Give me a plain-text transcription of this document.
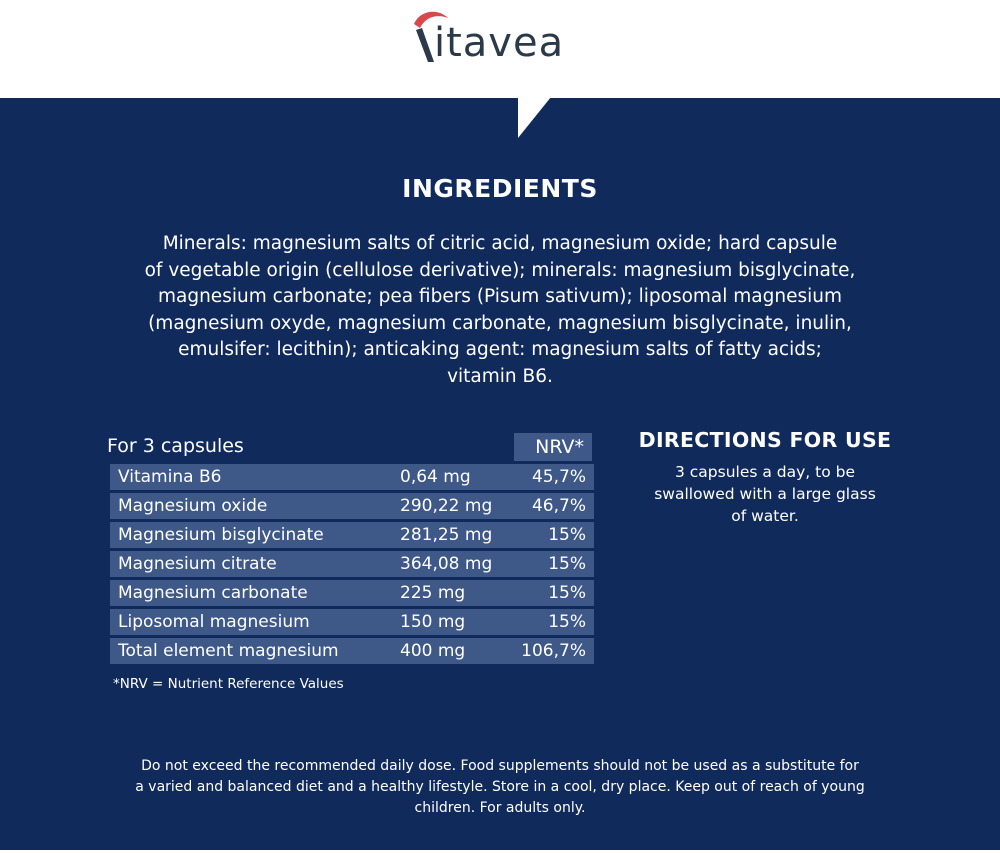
itavea
INGREDIENTS
Minerals: magnesium salts of citric acid, magnesium oxide; hard capsule
of vegetable origin (cellulose derivative); minerals: magnesium bisglycinate,
magnesium carbonate; pea fibers (Pisum sativum); liposomal magnesium
(magnesium oxyde, magnesium carbonate, magnesium bisglycinate, inulin,
emulsifer: lecithin); anticaking agent: magnesium salts of fatty acids;
vitamin B6.
For 3 capsules	NRV*
Vitamina B6	0,64 mg	45,7%
Magnesium oxide	290,22 mg 46,7%
Magnesium bisglycinate	281,25 mg	15%
Magnesium citrate	364,08 mg	15%
Magnesium carbonate	225 mg	15%
Liposomal magnesium	150 mg	15%
Total element magnesium	400 mg	106,7%
*NRV = Nutrient Reference Values
DIRECTIONS FOR USE
3 capsules a day, to be
swallowed with a large glass
of water.
Do not exceed the recommended daily dose. Food supplements should not be used as a substitute for
a varied and balanced diet and a healthy lifestyle. Store in a cool, dry place. Keep out of reach of young
children. For adults only.
